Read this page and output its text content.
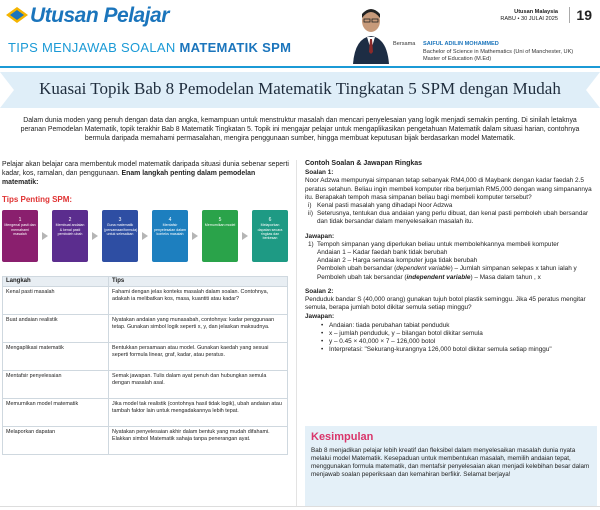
Utusan Pelajar
TIPS MENJAWAB SOALAN MATEMATIK SPM	Bersama SAIFUL ADILIN MOHAMMED
Bachelor of Science in Mathematics (Uni of Manchester, UK)
Master of Education (M.Ed)
Utusan Malaysia
RABU • 30 JULAI 2025	19
Kuasai Topik Bab 8 Pemodelan Matematik Tingkatan 5 SPM dengan Mudah
Dalam dunia moden yang penuh dengan data dan angka, kemampuan untuk menstruktur masalah dan mencari penyelesaian yang logik menjadi semakin penting. Di sinilah letaknya peranan Pemodelan Matematik, topik terakhir Bab 8 Matematik Tingkatan 5. Topik ini mengajar pelajar untuk mengaplikasikan pengetahuan Matematik dalam situasi harian, contohnya bermula daripada memahami permasalahan, mengira penggunaan sumber, hingga membuat keputusan bijak berdasarkan model Matematik.
Pelajar akan belajar cara membentuk model matematik daripada situasi dunia sebenar seperti kadar, kos, ramalan, dan penggunaan. Enam langkah penting dalam pemodelan matematik:
Tips Penting SPM:
1
Mengenal pasti dan memahami masalah
2
Membuat andaian & kenal pasti pemboleh ubah
3
Guna matematik (persamaan/formula) untuk selesaikan
4
Mentafsir penyelesaian dalam konteks masalah
5
Memurnikan model
6
Melaporkan dapatan secara ringkas dan berkesan
Langkah	Tips
Kenal pasti masalah	Fahami dengan jelas konteks masalah dalam soalan. Contohnya, adakah ia melibatkan kos, masa, kuantiti atau kadar?
Buat andaian realistik	Nyatakan andaian yang munasabah, contohnya: kadar penggunaan tetap. Gunakan simbol logik seperti x, y, dan jelaskan maksudnya.
Mengaplikasi matematik	Bentukkan persamaan atau model. Gunakan kaedah yang sesuai seperti formula linear, graf, kadar, atau peratus.
Mentafsir penyelesaian	Semak jawapan. Tulis dalam ayat penuh dan hubungkan semula dengan masalah asal.
Memurnikan model matematik	Jika model tak realistik (contohnya hasil tidak logik), ubah andaian atau tambah faktor lain untuk mengadakannya lebih tepat.
Melaporkan dapatan	Nyatakan penyelesaian akhir dalam bentuk yang mudah difahami. Elakkan simbol Matematik sahaja tanpa penerangan ayat.
Contoh Soalan & Jawapan Ringkas
Soalan 1:
Noor Adzwa mempunyai simpanan tetap sebanyak RM4,000 di Maybank dengan kadar faedah 2.5 peratus setahun. Beliau ingin membeli komputer riba berjumlah RM5,000 dengan wang simpanannya itu. Berapakah tempoh masa simpanan beliau bagi membeli komputer tersebut?
i) Kenal pasti masalah yang dihadapi Noor Adzwa
ii) Seterusnya, tentukan dua andaian yang perlu dibuat, dan kenal pasti pemboleh ubah bersandar dan tidak bersandar dalam menyelesaikan masalah itu.
Jawapan:
1) Tempoh simpanan yang diperlukan beliau untuk membolehkannya membeli komputer
Andaian 1 – Kadar faedah bank tidak berubah
Andaian 2 – Harga semasa komputer juga tidak berubah
Pemboleh ubah bersandar (dependent variable) – Jumlah simpanan selepas x tahun ialah y
Pemboleh ubah tak bersandar (independent variable) – Masa dalam tahun , x
Soalan 2:
Penduduk bandar S (40,000 orang) gunakan tujuh botol plastik seminggu. Jika 45 peratus mengitar semula, berapa jumlah botol dikitar semula setiap minggu?
Jawapan:
• Andaian: tiada perubahan tabiat penduduk
• x – jumlah penduduk, y – bilangan botol dikitar semula
• y – 0.45 × 40,000 × 7 – 126,000 botol
• Interpretasi: "Sekurang-kurangnya 126,000 botol dikitar semula setiap minggu"
Kesimpulan
Bab 8 menjadikan pelajar lebih kreatif dan fleksibel dalam menyelesaikan masalah dunia nyata melalui model Matematik. Kesepaduan untuk membentukan masalah, memilih andaian tepat, menggunakan formula matematik, dan mentafsir penyelesaian akan menjadi kelebihan besar dalam menjawab soalan peperiksaan dan kemahiran berfikir. Selamat berjaya!
